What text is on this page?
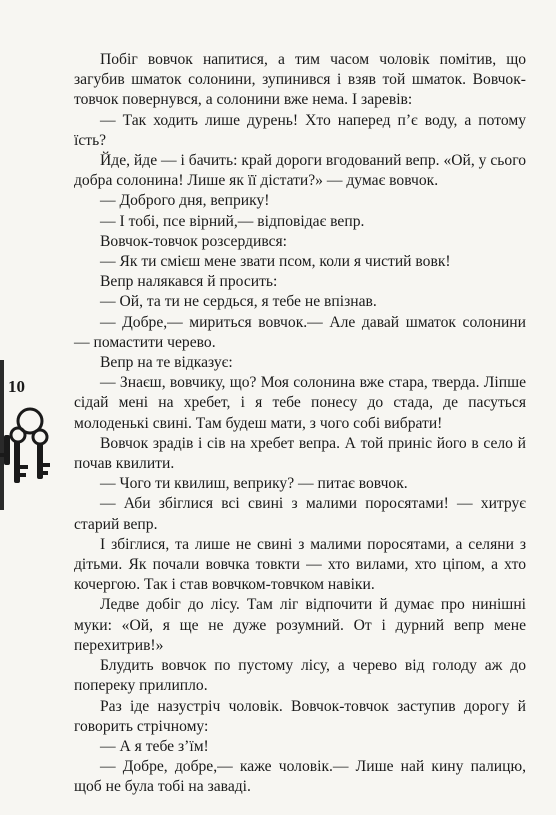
10

Побіг вовчок напитися, а тим часом чоловік помітив, що загубив шматок солонини, зупинився і взяв той шматок. Вовчок-товчок повернувся, а солонини вже нема. І заревів:

— Так ходить лише дурень! Хто наперед п’є воду, а потому їсть?

Йде, йде — і бачить: край дороги вгодований вепр. «Ой, у сього добра солонина! Лише як її дістати?» — думає вовчок.

— Доброго дня, веприку!

— І тобі, псе вірний,— відповідає вепр.

Вовчок-товчок розсердився:

— Як ти смієш мене звати псом, коли я чистий вовк!

Вепр налякався й просить:

— Ой, та ти не сердься, я тебе не впізнав.

— Добре,— мириться вовчок.— Але давай шматок солонини — помастити черево.

Вепр на те відказує:

— Знаєш, вовчику, що? Моя солонина вже стара, тверда. Ліпше сідай мені на хребет, і я тебе понесу до стада, де пасуться молоденькі свині. Там будеш мати, з чого собі вибрати!

Вовчок зрадів і сів на хребет вепра. А той приніс його в село й почав квилити.

— Чого ти квилиш, веприку? — питає вовчок.

— Аби збіглися всі свині з малими поросятами! — хитрує старий вепр.

І збіглися, та лише не свині з малими поросятами, а селяни з дітьми. Як почали вовчка товкти — хто вилами, хто ціпом, а хто кочергою. Так і став вовчком-товчком навіки.

Ледве добіг до лісу. Там ліг відпочити й думає про нинішні муки: «Ой, я ще не дуже розумний. От і дурний вепр мене перехитрив!»

Блудить вовчок по пустому лісу, а черево від голоду аж до попереку прилипло.

Раз іде назустріч чоловік. Вовчок-товчок заступив дорогу й говорить стрічному:

— А я тебе з’їм!

— Добре, добре,— каже чоловік.— Лише най кину палицю, щоб не була тобі на заваді.
